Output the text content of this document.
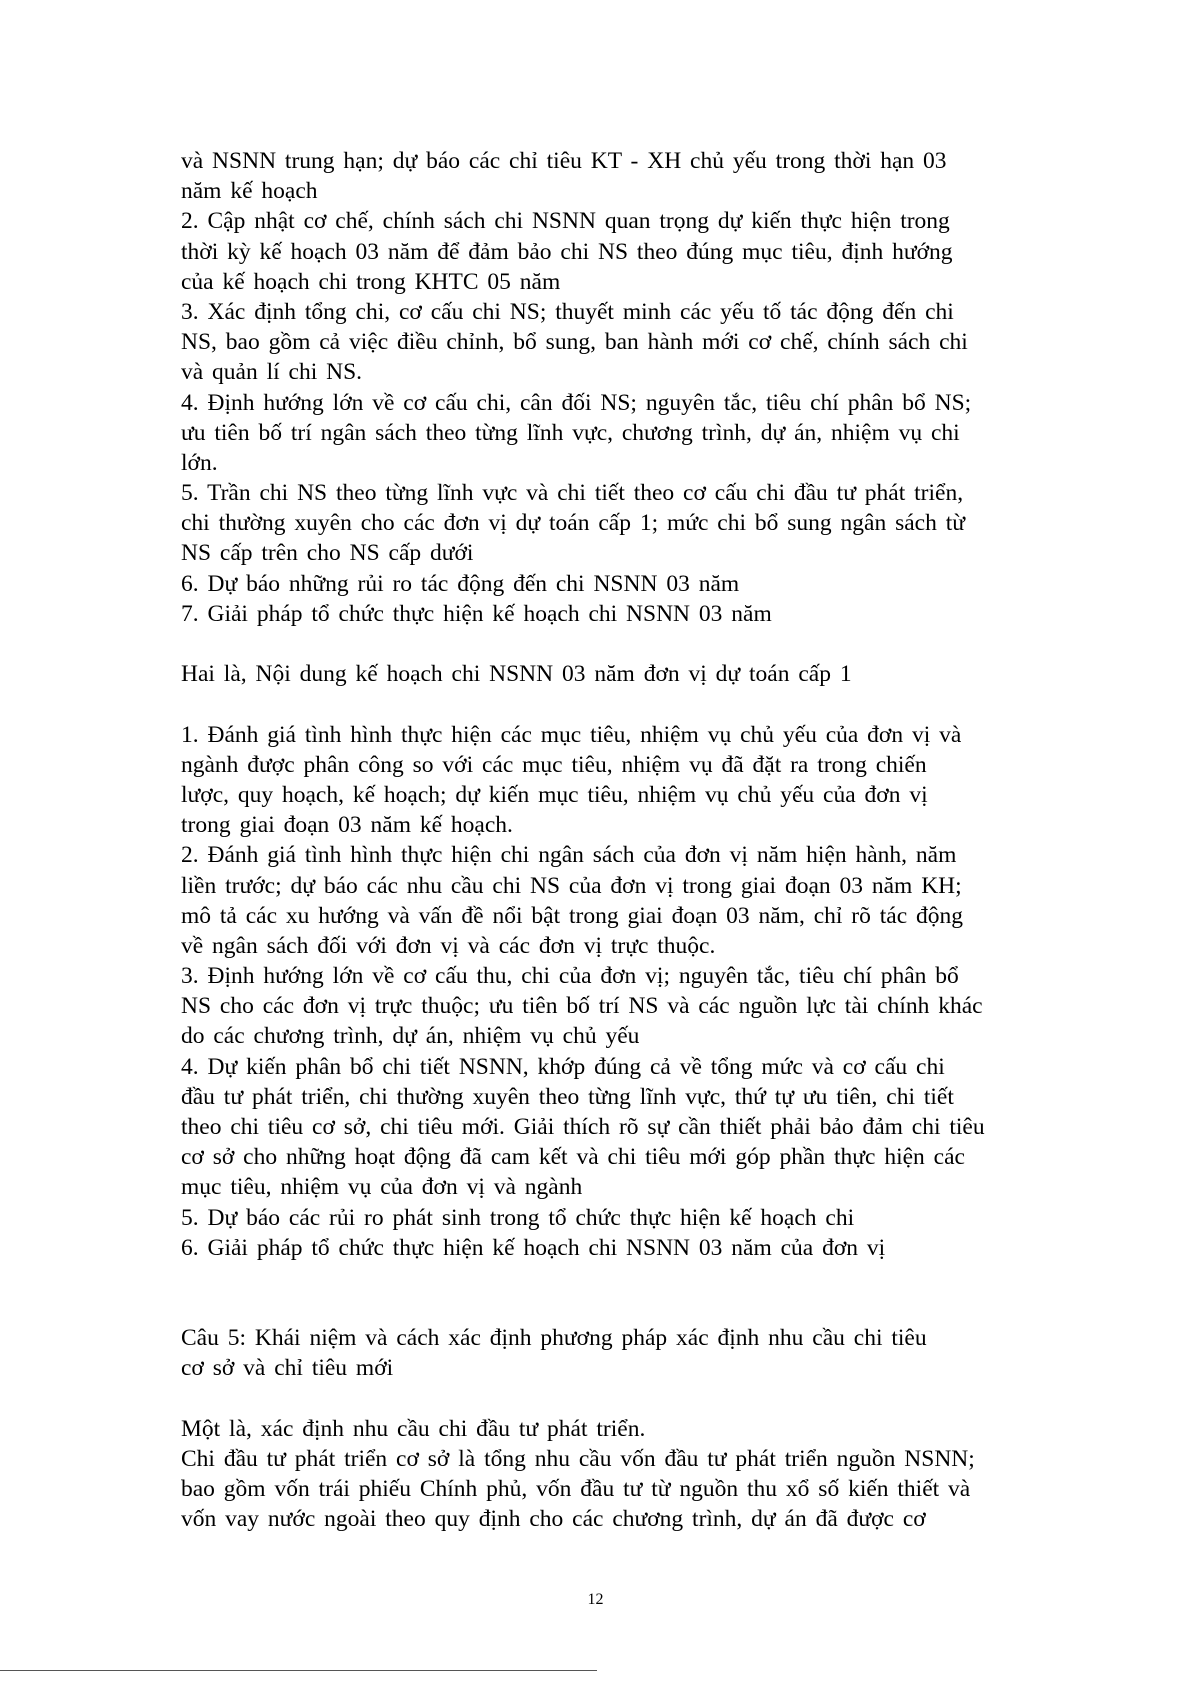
và NSNN trung hạn; dự báo các chỉ tiêu KT - XH chủ yếu trong thời hạn 03
năm kế hoạch
2. Cập nhật cơ chế, chính sách chi NSNN quan trọng dự kiến thực hiện trong
thời kỳ kế hoạch 03 năm để đảm bảo chi NS theo đúng mục tiêu, định hướng
của kế hoạch chi trong KHTC 05 năm
3. Xác định tổng chi, cơ cấu chi NS; thuyết minh các yếu tố tác động đến chi
NS, bao gồm cả việc điều chỉnh, bổ sung, ban hành mới cơ chế, chính sách chi
và quản lí chi NS.
4. Định hướng lớn về cơ cấu chi, cân đối NS; nguyên tắc, tiêu chí phân bổ NS;
ưu tiên bố trí ngân sách theo từng lĩnh vực, chương trình, dự án, nhiệm vụ chi
lớn.
5. Trần chi NS theo từng lĩnh vực và chi tiết theo cơ cấu chi đầu tư phát triển,
chi thường xuyên cho các đơn vị dự toán cấp 1; mức chi bổ sung ngân sách từ
NS cấp trên cho NS cấp dưới
6. Dự báo những rủi ro tác động đến chi NSNN 03 năm
7. Giải pháp tổ chức thực hiện kế hoạch chi NSNN 03 năm
Hai là, Nội dung kế hoạch chi NSNN 03 năm đơn vị dự toán cấp 1
1. Đánh giá tình hình thực hiện các mục tiêu, nhiệm vụ chủ yếu của đơn vị và
ngành được phân công so với các mục tiêu, nhiệm vụ đã đặt ra trong chiến
lược, quy hoạch, kế hoạch; dự kiến mục tiêu, nhiệm vụ chủ yếu của đơn vị
trong giai đoạn 03 năm kế hoạch.
2. Đánh giá tình hình thực hiện chi ngân sách của đơn vị năm hiện hành, năm
liền trước; dự báo các nhu cầu chi NS của đơn vị trong giai đoạn 03 năm KH;
mô tả các xu hướng và vấn đề nổi bật trong giai đoạn 03 năm, chỉ rõ tác động
về ngân sách đối với đơn vị và các đơn vị trực thuộc.
3. Định hướng lớn về cơ cấu thu, chi của đơn vị; nguyên tắc, tiêu chí phân bổ
NS cho các đơn vị trực thuộc; ưu tiên bố trí NS và các nguồn lực tài chính khác
do các chương trình, dự án, nhiệm vụ chủ yếu
4. Dự kiến phân bổ chi tiết NSNN, khớp đúng cả về tổng mức và cơ cấu chi
đầu tư phát triển, chi thường xuyên theo từng lĩnh vực, thứ tự ưu tiên, chi tiết
theo chi tiêu cơ sở, chi tiêu mới. Giải thích rõ sự cần thiết phải bảo đảm chi tiêu
cơ sở cho những hoạt động đã cam kết và chi tiêu mới góp phần thực hiện các
mục tiêu, nhiệm vụ của đơn vị và ngành
5. Dự báo các rủi ro phát sinh trong tổ chức thực hiện kế hoạch chi
6. Giải pháp tổ chức thực hiện kế hoạch chi NSNN 03 năm của đơn vị
Câu 5: Khái niệm và cách xác định phương pháp xác định nhu cầu chi tiêu
cơ sở và chỉ tiêu mới
Một là, xác định nhu cầu chi đầu tư phát triển.
Chi đầu tư phát triển cơ sở là tổng nhu cầu vốn đầu tư phát triển nguồn NSNN;
bao gồm vốn trái phiếu Chính phủ, vốn đầu tư từ nguồn thu xổ số kiến thiết và
vốn vay nước ngoài theo quy định cho các chương trình, dự án đã được cơ
12
